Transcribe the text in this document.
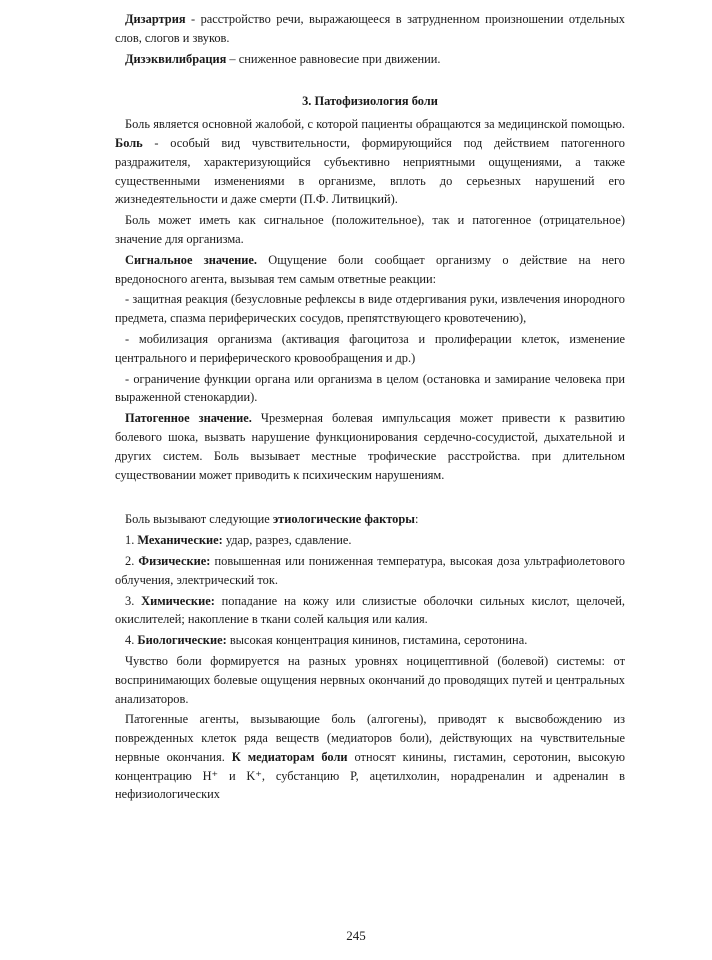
Дизартрия - расстройство речи, выражающееся в затрудненном произношении отдельных слов, слогов и звуков.

Дизэквилибрация – сниженное равновесие при движении.

3. Патофизиология боли

Боль является основной жалобой, с которой пациенты обращаются за медицинской помощью. Боль - особый вид чувствительности, формирующийся под действием патогенного раздражителя, характеризующийся субъективно неприятными ощущениями, а также существенными изменениями в организме, вплоть до серьезных нарушений его жизнедеятельности и даже смерти (П.Ф. Литвицкий).

Боль может иметь как сигнальное (положительное), так и патогенное (отрицательное) значение для организма.

Сигнальное значение. Ощущение боли сообщает организму о действие на него вредоносного агента, вызывая тем самым ответные реакции:

- защитная реакция (безусловные рефлексы в виде отдергивания руки, извлечения инородного предмета, спазма периферических сосудов, препятствующего кровотечению),

- мобилизация организма (активация фагоцитоза и пролиферации клеток, изменение центрального и периферического кровообращения и др.)

- ограничение функции органа или организма в целом (остановка и замирание человека при выраженной стенокардии).

Патогенное значение. Чрезмерная болевая импульсация может привести к развитию болевого шока, вызвать нарушение функционирования сердечно-сосудистой, дыхательной и других систем. Боль вызывает местные трофические расстройства. при длительном существовании может приводить к психическим нарушениям.

Боль вызывают следующие этиологические факторы:

1. Механические: удар, разрез, сдавление.

2. Физические: повышенная или пониженная температура, высокая доза ультрафиолетового облучения, электрический ток.

3. Химические: попадание на кожу или слизистые оболочки сильных кислот, щелочей, окислителей; накопление в ткани солей кальция или калия.

4. Биологические: высокая концентрация кининов, гистамина, серотонина.

Чувство боли формируется на разных уровнях ноцицептивной (болевой) системы: от воспринимающих болевые ощущения нервных окончаний до проводящих путей и центральных анализаторов.

Патогенные агенты, вызывающие боль (алгогены), приводят к высвобождению из поврежденных клеток ряда веществ (медиаторов боли), действующих на чувствительные нервные окончания. К медиаторам боли относят кинины, гистамин, серотонин, высокую концентрацию H⁺ и K⁺, субстанцию P, ацетилхолин, норадреналин и адреналин в нефизиологических

245
